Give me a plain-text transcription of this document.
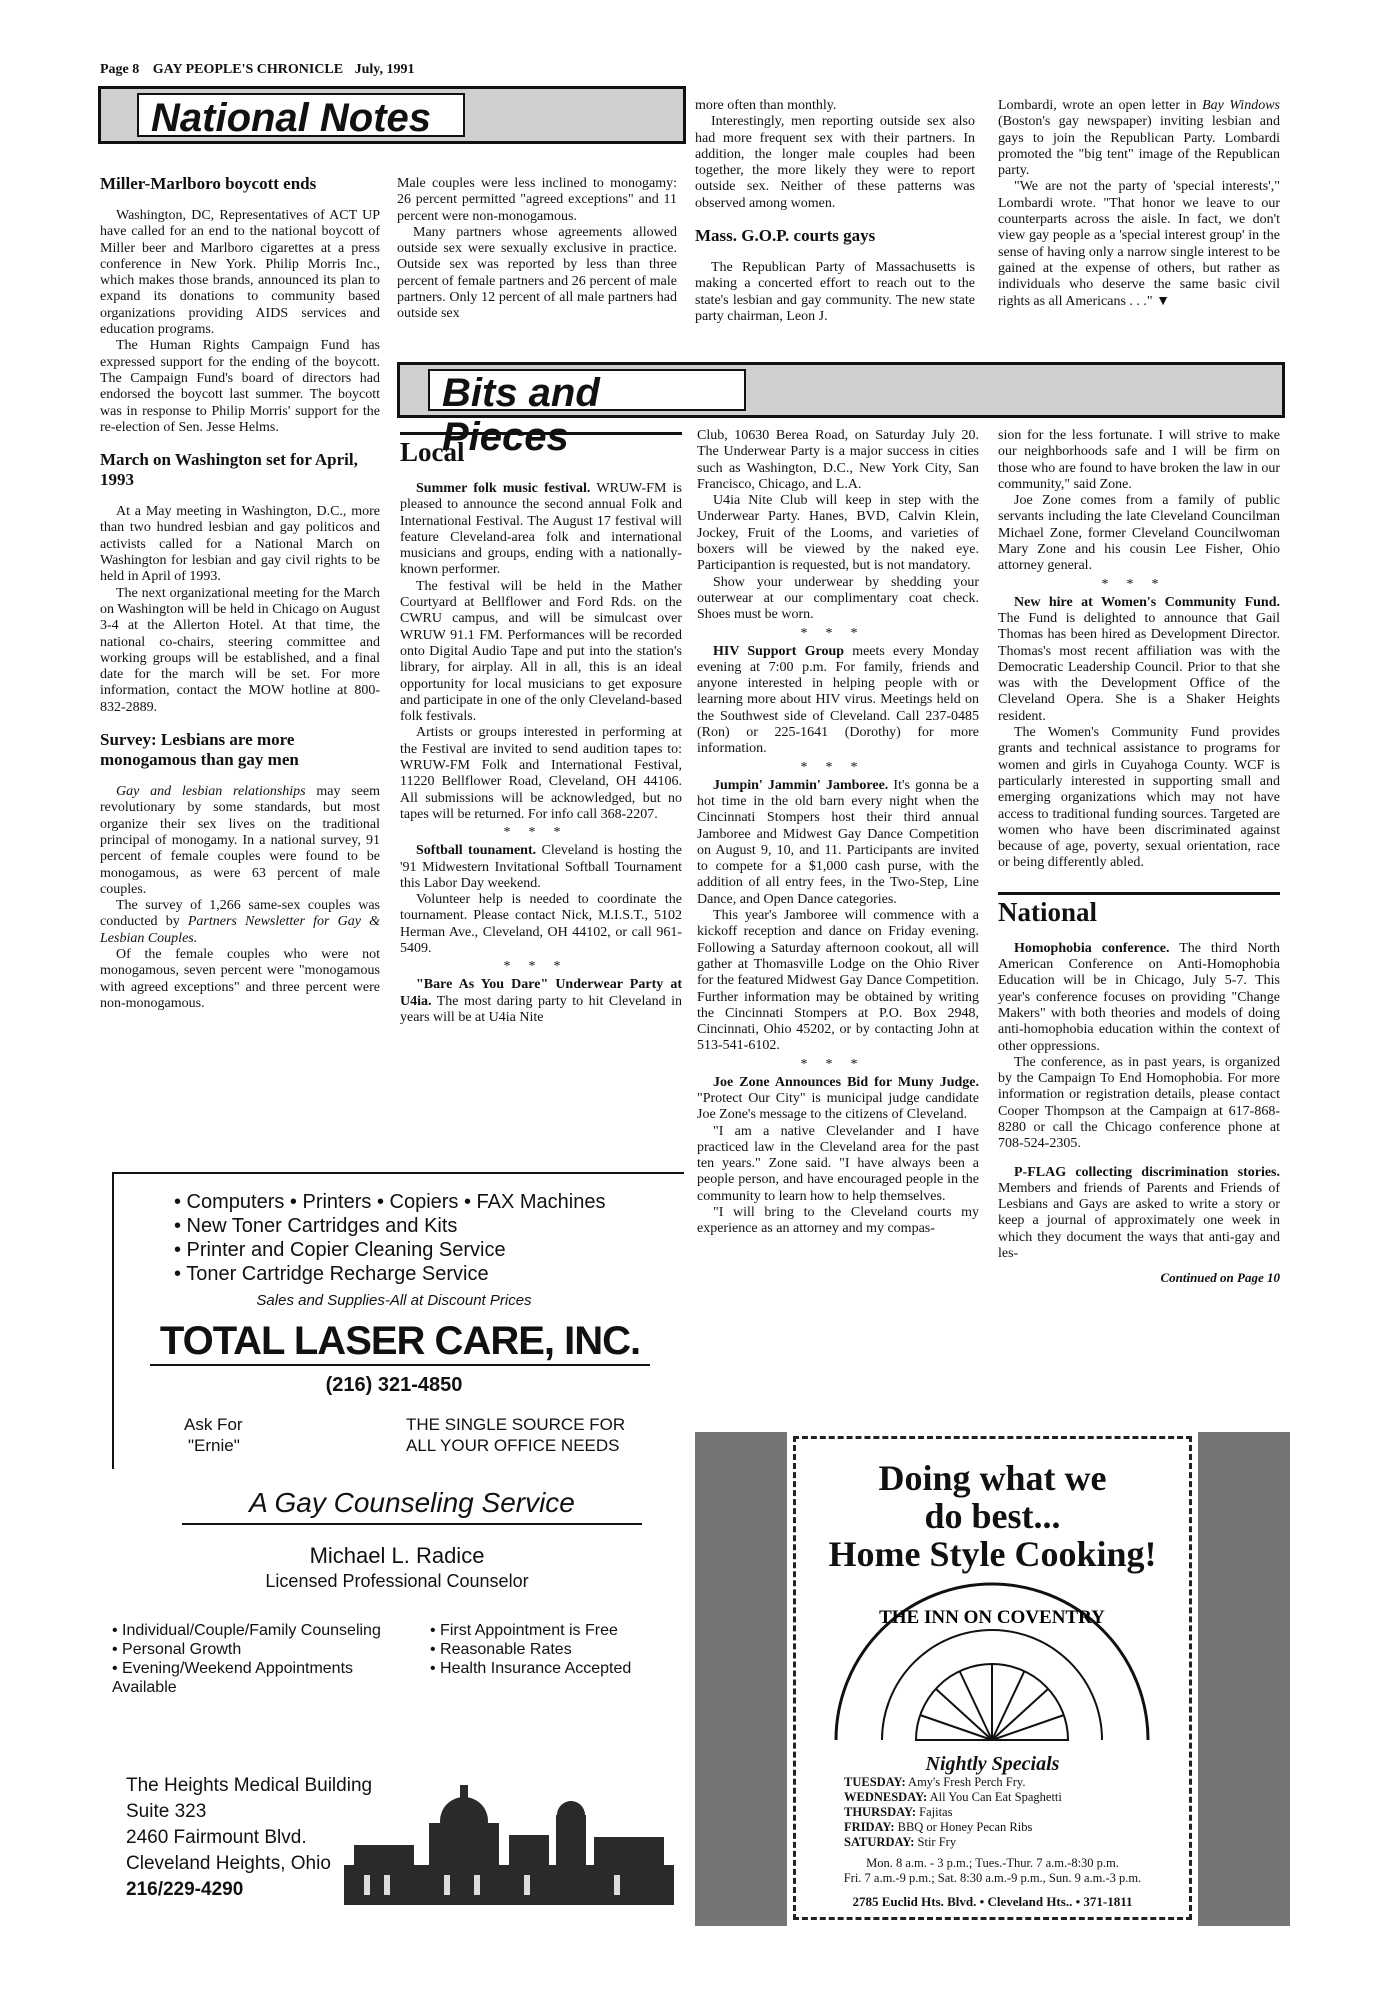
Page 8 GAY PEOPLE'S CHRONICLE July, 1991
National Notes
Miller-Marlboro boycott ends

Washington, DC, Representatives of ACT UP have called for an end to the national boycott of Miller beer and Marlboro cigarettes at a press conference in New York. Philip Morris Inc., which makes those brands, announced its plan to expand its donations to community based organizations providing AIDS services and education programs.

The Human Rights Campaign Fund has expressed support for the ending of the boycott. The Campaign Fund's board of directors had endorsed the boycott last summer. The boycott was in response to Philip Morris' support for the re-election of Sen. Jesse Helms.

March on Washington set for April, 1993

At a May meeting in Washington, D.C., more than two hundred lesbian and gay politicos and activists called for a National March on Washington for lesbian and gay civil rights to be held in April of 1993.

The next organizational meeting for the March on Washington will be held in Chicago on August 3-4 at the Allerton Hotel. At that time, the national co-chairs, steering committee and working groups will be established, and a final date for the march will be set. For more information, contact the MOW hotline at 800-832-2889.

Survey: Lesbians are more monogamous than gay men

Gay and lesbian relationships may seem revolutionary by some standards, but most organize their sex lives on the traditional principal of monogamy. In a national survey, 91 percent of female couples were found to be monogamous, as were 63 percent of male couples.

The survey of 1,266 same-sex couples was conducted by Partners Newsletter for Gay & Lesbian Couples.

Of the female couples who were not monogamous, seven percent were "monogamous with agreed exceptions" and three percent were non-monogamous.

Male couples were less inclined to monogamy: 26 percent permitted "agreed exceptions" and 11 percent were non-monogamous.

Many partners whose agreements allowed outside sex were sexually exclusive in practice. Outside sex was reported by less than three percent of female partners and 26 percent of male partners. Only 12 percent of all male partners had outside sex

more often than monthly.

Interestingly, men reporting outside sex also had more frequent sex with their partners. In addition, the longer male couples had been together, the more likely they were to report outside sex. Neither of these patterns was observed among women.

Mass. G.O.P. courts gays

The Republican Party of Massachusetts is making a concerted effort to reach out to the state's lesbian and gay community. The new state party chairman, Leon J.

Lombardi, wrote an open letter in Bay Windows (Boston's gay newspaper) inviting lesbian and gays to join the Republican Party. Lombardi promoted the "big tent" image of the Republican party.

"We are not the party of 'special interests'," Lombardi wrote. "That honor we leave to our counterparts across the aisle. In fact, we don't view gay people as a 'special interest group' in the sense of having only a narrow single interest to be gained at the expense of others, but rather as individuals who deserve the same basic civil rights as all Americans . . ." ▼

Bits and Pieces
Local

Summer folk music festival. WRUW-FM is pleased to announce the second annual Folk and International Festival. The August 17 festival will feature Cleveland-area folk and international musicians and groups, ending with a nationally-known performer.

The festival will be held in the Mather Courtyard at Bellflower and Ford Rds. on the CWRU campus, and will be simulcast over WRUW 91.1 FM. Performances will be recorded onto Digital Audio Tape and put into the station's library, for airplay. All in all, this is an ideal opportunity for local musicians to get exposure and participate in one of the only Cleveland-based folk festivals.

Artists or groups interested in performing at the Festival are invited to send audition tapes to: WRUW-FM Folk and International Festival, 11220 Bellflower Road, Cleveland, OH 44106. All submissions will be acknowledged, but no tapes will be returned. For info call 368-2207.

***

Softball tounament. Cleveland is hosting the '91 Midwestern Invitational Softball Tournament this Labor Day weekend.

Volunteer help is needed to coordinate the tournament. Please contact Nick, M.I.S.T., 5102 Herman Ave., Cleveland, OH 44102, or call 961-5409.

***

"Bare As You Dare" Underwear Party at U4ia. The most daring party to hit Cleveland in years will be at U4ia Nite

Club, 10630 Berea Road, on Saturday July 20. The Underwear Party is a major success in cities such as Washington, D.C., New York City, San Francisco, Chicago, and L.A.

U4ia Nite Club will keep in step with the Underwear Party. Hanes, BVD, Calvin Klein, Jockey, Fruit of the Looms, and varieties of boxers will be viewed by the naked eye. Participantion is requested, but is not mandatory.

Show your underwear by shedding your outerwear at our complimentary coat check. Shoes must be worn.

***

HIV Support Group meets every Monday evening at 7:00 p.m. For family, friends and anyone interested in helping people with or learning more about HIV virus. Meetings held on the Southwest side of Cleveland. Call 237-0485 (Ron) or 225-1641 (Dorothy) for more information.

***

Jumpin' Jammin' Jamboree. It's gonna be a hot time in the old barn every night when the Cincinnati Stompers host their third annual Jamboree and Midwest Gay Dance Competition on August 9, 10, and 11. Participants are invited to compete for a $1,000 cash purse, with the addition of all entry fees, in the Two-Step, Line Dance, and Open Dance categories.

This year's Jamboree will commence with a kickoff reception and dance on Friday evening. Following a Saturday afternoon cookout, all will gather at Thomasville Lodge on the Ohio River for the featured Midwest Gay Dance Competition. Further information may be obtained by writing the Cincinnati Stompers at P.O. Box 2948, Cincinnati, Ohio 45202, or by contacting John at 513-541-6102.

***

Joe Zone Announces Bid for Muny Judge. "Protect Our City" is municipal judge candidate Joe Zone's message to the citizens of Cleveland.

"I am a native Clevelander and I have practiced law in the Cleveland area for the past ten years." Zone said. "I have always been a people person, and have encouraged people in the community to learn how to help themselves.

"I will bring to the Cleveland courts my experience as an attorney and my compas-

sion for the less fortunate. I will strive to make our neighborhoods safe and I will be firm on those who are found to have broken the law in our community," said Zone.

Joe Zone comes from a family of public servants including the late Cleveland Councilman Michael Zone, former Cleveland Councilwoman Mary Zone and his cousin Lee Fisher, Ohio attorney general.

***

New hire at Women's Community Fund. The Fund is delighted to announce that Gail Thomas has been hired as Development Director. Thomas's most recent affiliation was with the Democratic Leadership Council. Prior to that she was with the Development Office of the Cleveland Opera. She is a Shaker Heights resident.

The Women's Community Fund provides grants and technical assistance to programs for women and girls in Cuyahoga County. WCF is particularly interested in supporting small and emerging organizations which may not have access to traditional funding sources. Targeted are women who have been discriminated against because of age, poverty, sexual orientation, race or being differently abled.

National

Homophobia conference. The third North American Conference on Anti-Homophobia Education will be in Chicago, July 5-7. This year's conference focuses on providing "Change Makers" with both theories and models of doing anti-homophobia education within the context of other oppressions.

The conference, as in past years, is organized by the Campaign To End Homophobia. For more information or registration details, please contact Cooper Thompson at the Campaign at 617-868-8280 or call the Chicago conference phone at 708-524-2305.

P-FLAG collecting discrimination stories. Members and friends of Parents and Friends of Lesbians and Gays are asked to write a story or keep a journal of approximately one week in which they document the ways that anti-gay and les-

Continued on Page 10
• Computers • Printers • Copiers • FAX Machines
• New Toner Cartridges and Kits
• Printer and Copier Cleaning Service
• Toner Cartridge Recharge Service
Sales and Supplies-All at Discount Prices
TOTAL LASER CARE, INC.
(216) 321-4850
Ask For
"Ernie"
THE SINGLE SOURCE FOR
ALL YOUR OFFICE NEEDS
A Gay Counseling Service
Michael L. Radice
Licensed Professional Counselor
• Individual/Couple/Family Counseling
• Personal Growth
• Evening/Weekend Appointments
Available
• First Appointment is Free
• Reasonable Rates
• Health Insurance Accepted
The Heights Medical Building
Suite 323
2460 Fairmount Blvd.
Cleveland Heights, Ohio
216/229-4290
Doing what we
do best...
Home Style Cooking!
THE INN ON COVENTRY
Nightly Specials

TUESDAY: Amy's Fresh Perch Fry.

WEDNESDAY: All You Can Eat Spaghetti

THURSDAY: Fajitas

FRIDAY: BBQ or Honey Pecan Ribs

SATURDAY: Stir Fry

Mon. 8 a.m. - 3 p.m.; Tues.-Thur. 7 a.m.-8:30 p.m.

Fri. 7 a.m.-9 p.m.; Sat. 8:30 a.m.-9 p.m., Sun. 9 a.m.-3 p.m.

2785 Euclid Hts. Blvd. • Cleveland Hts.. • 371-1811
